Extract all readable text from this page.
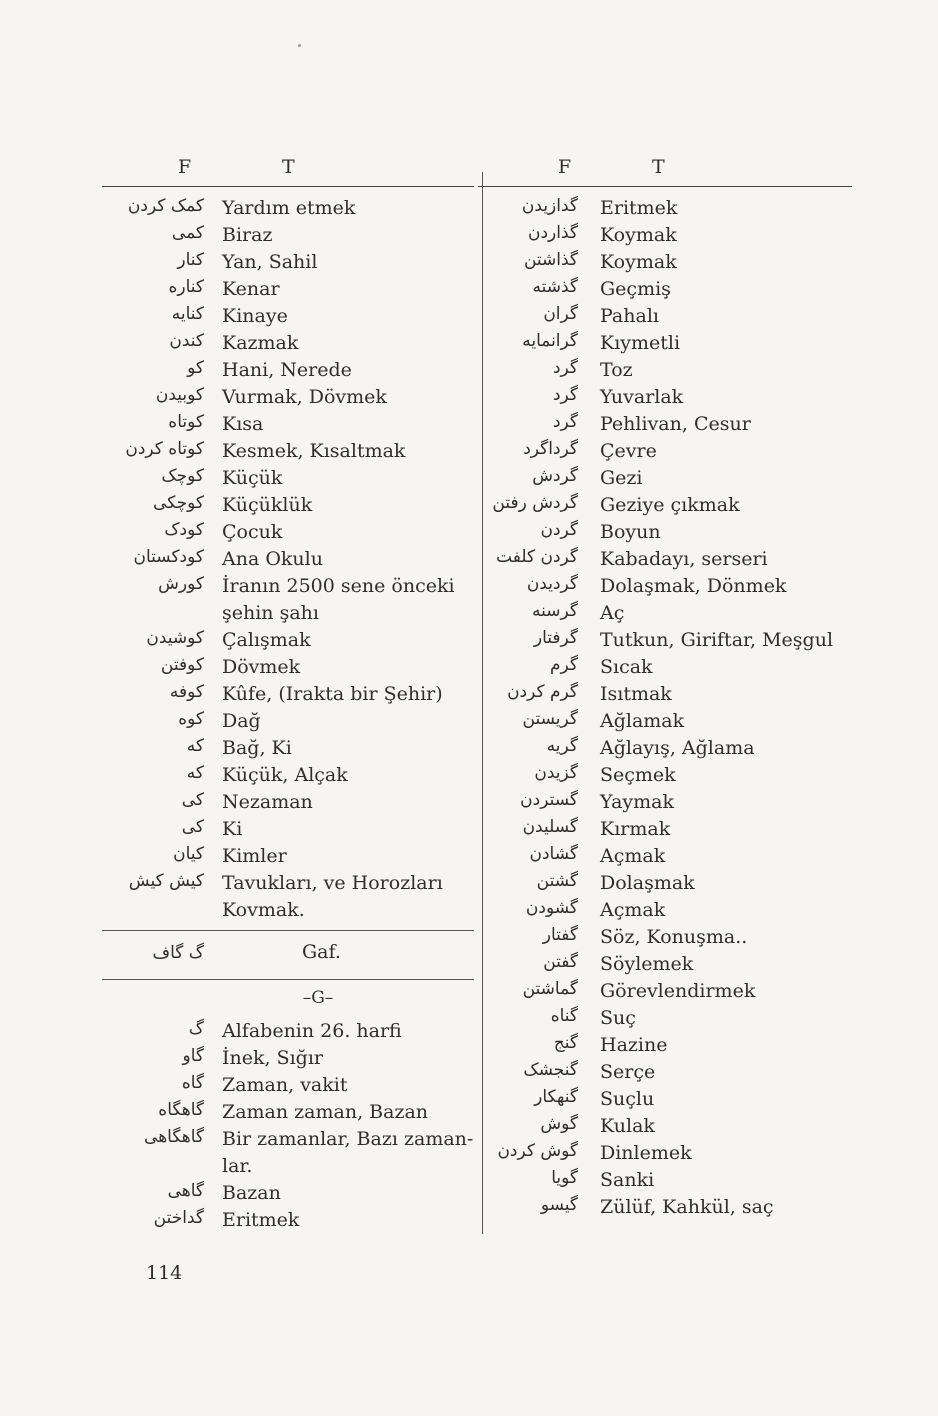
F	T
کمک کردن Yardım etmek
کمی Biraz
کنار Yan, Sahil
کناره Kenar
کنایه Kinaye
کندن Kazmak
کو Hani, Nerede
کوبیدن Vurmak, Dövmek
کوتاه Kısa
کوتاه کردن Kesmek, Kısaltmak
کوچک Küçük
کوچکی Küçüklük
کودک Çocuk
کودکستان Ana Okulu
کورش İranın 2500 sene önceki
şehin şahı
کوشیدن Çalışmak
کوفتن Dövmek
کوفه Kûfe, (Irakta bir Şehir)
کوه Dağ
که Bağ, Ki
که Küçük, Alçak
کی Nezaman
کی Ki
کیان Kimler
کیش کیش Tavukları, ve Horozları
Kovmak.
گ گاف	Gaf.
–G–
گ Alfabenin 26. harfi
گاو İnek, Sığır
گاه Zaman, vakit
گاهگاه Zaman zaman, Bazan
گاهگاهی Bir zamanlar, Bazı zaman-
lar.
گاهی Bazan
گداختن Eritmek
F	T
گدازیدن	Eritmek
گذاردن	Koymak
گذاشتن	Koymak
گذشته	Geçmiş
گران	Pahalı
گرانمایه	Kıymetli
گرد	Toz
گرد	Yuvarlak
گرد	Pehlivan, Cesur
گرداگرد	Çevre
گردش	Gezi
گردش رفتن	Geziye çıkmak
گردن	Boyun
گردن کلفت	Kabadayı, serseri
گردیدن	Dolaşmak, Dönmek
گرسنه	Aç
گرفتار	Tutkun, Giriftar, Meşgul
گرم	Sıcak
گرم کردن	Isıtmak
گریستن	Ağlamak
گریه	Ağlayış, Ağlama
گزیدن	Seçmek
گستردن	Yaymak
گسلیدن	Kırmak
گشادن	Açmak
گشتن	Dolaşmak
گشودن	Açmak
گفتار	Söz, Konuşma..
گفتن	Söylemek
گماشتن	Görevlendirmek
گناه	Suç
گنج	Hazine
گنجشک	Serçe
گنهکار	Suçlu
گوش	Kulak
گوش کردن	Dinlemek
گویا	Sanki
گیسو	Zülüf, Kahkül, saç
114
